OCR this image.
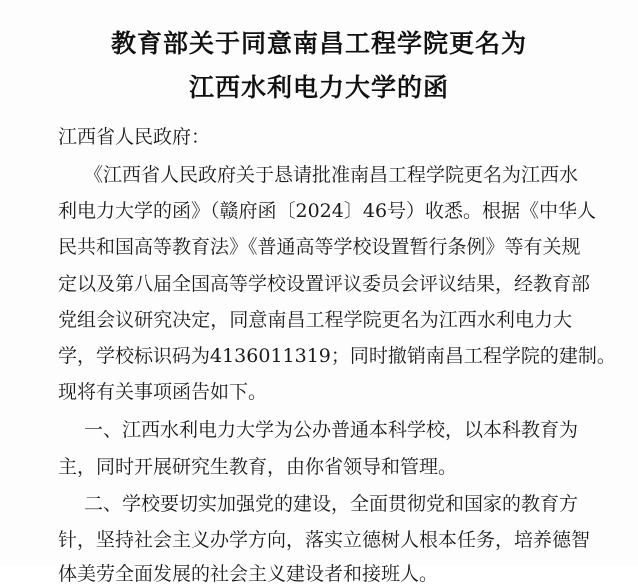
教育部关于同意南昌工程学院更名为
江西水利电力大学的函
江西省人民政府：
《江西省人民政府关于恳请批准南昌工程学院更名为江西水
利电力大学的函》（赣府函〔2024〕46号）收悉。根据《中华人
民共和国高等教育法》《普通高等学校设置暂行条例》等有关规
定以及第八届全国高等学校设置评议委员会评议结果，经教育部
党组会议研究决定，同意南昌工程学院更名为江西水利电力大
学，学校标识码为4136011319；同时撤销南昌工程学院的建制。
现将有关事项函告如下。
一、江西水利电力大学为公办普通本科学校，以本科教育为
主，同时开展研究生教育，由你省领导和管理。
二、学校要切实加强党的建设，全面贯彻党和国家的教育方
针，坚持社会主义办学方向，落实立德树人根本任务，培养德智
体美劳全面发展的社会主义建设者和接班人。
